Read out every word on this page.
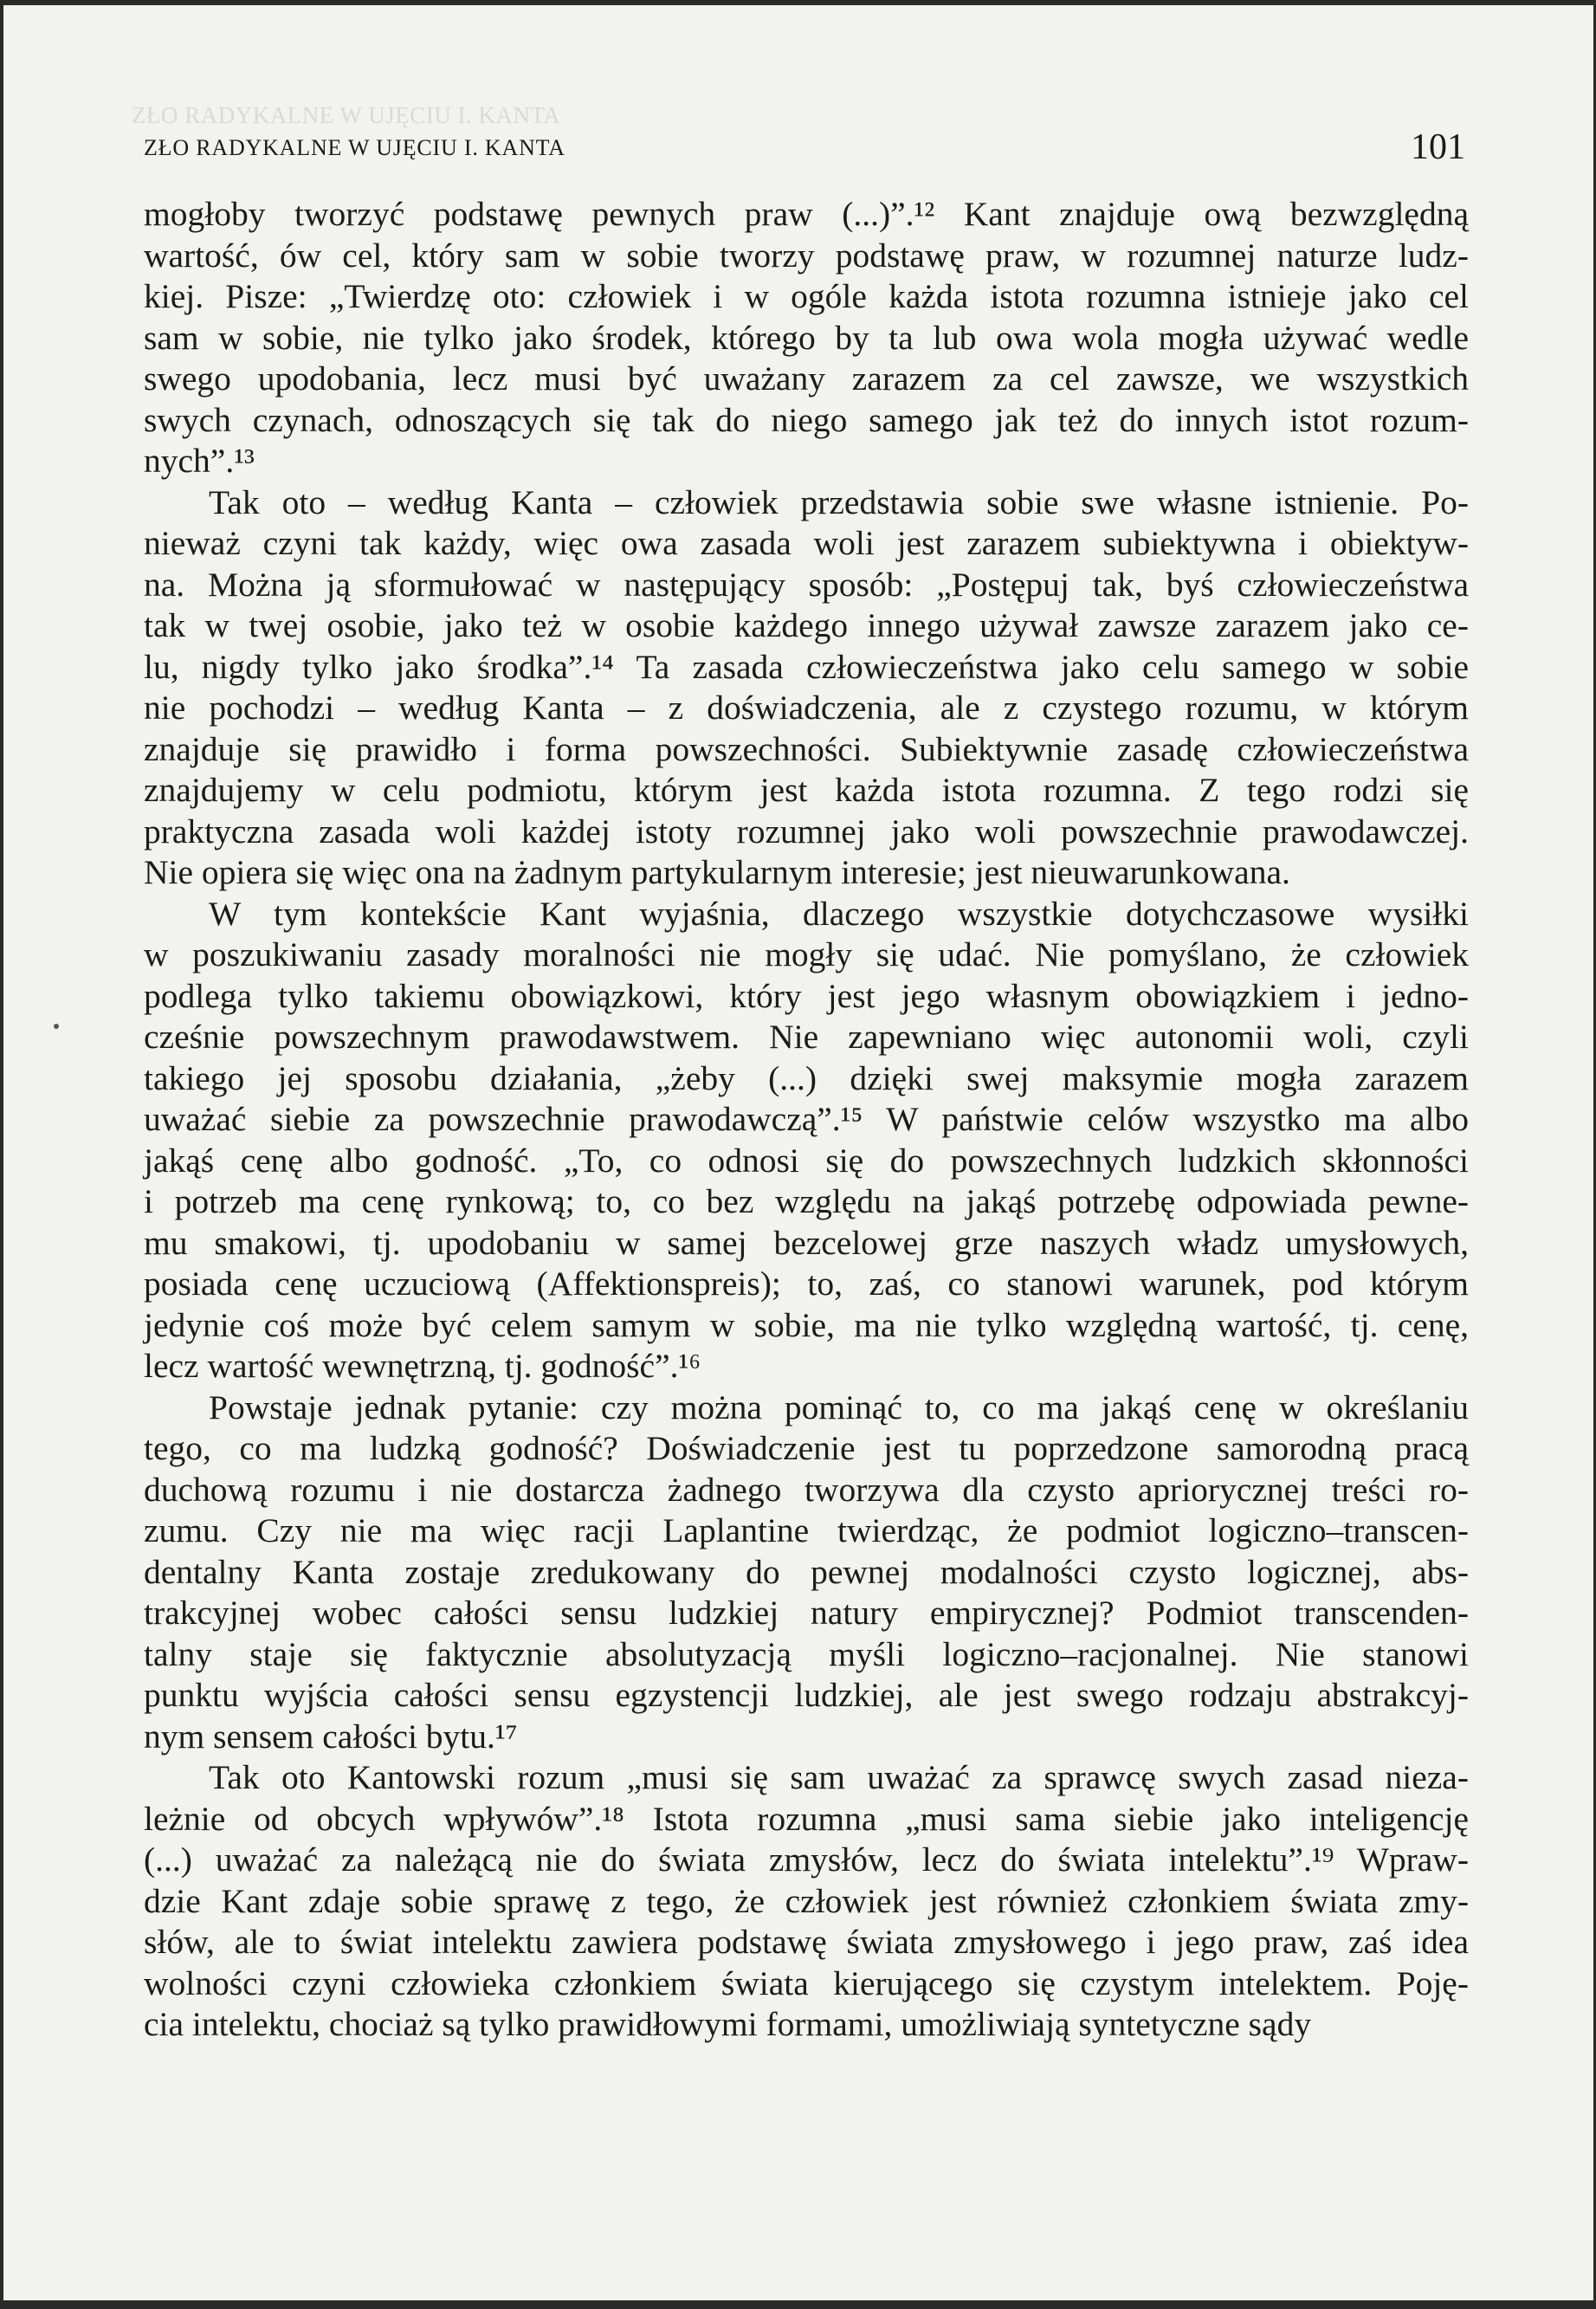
ZŁO RADYKALNE W UJĘCIU I. KANTA
ZŁO RADYKALNE W UJĘCIU I. KANTA	101
mogłoby tworzyć podstawę pewnych praw (...)”.¹² Kant znajduje ową bezwzględną
wartość, ów cel, który sam w sobie tworzy podstawę praw, w rozumnej naturze ludz-
kiej. Pisze: „Twierdzę oto: człowiek i w ogóle każda istota rozumna istnieje jako cel
sam w sobie, nie tylko jako środek, którego by ta lub owa wola mogła używać wedle
swego upodobania, lecz musi być uważany zarazem za cel zawsze, we wszystkich
swych czynach, odnoszących się tak do niego samego jak też do innych istot rozum-
nych”.¹³
Tak oto – według Kanta – człowiek przedstawia sobie swe własne istnienie. Po-
nieważ czyni tak każdy, więc owa zasada woli jest zarazem subiektywna i obiektyw-
na. Można ją sformułować w następujący sposób: „Postępuj tak, byś człowieczeństwa
tak w twej osobie, jako też w osobie każdego innego używał zawsze zarazem jako ce-
lu, nigdy tylko jako środka”.¹⁴ Ta zasada człowieczeństwa jako celu samego w sobie
nie pochodzi – według Kanta – z doświadczenia, ale z czystego rozumu, w którym
znajduje się prawidło i forma powszechności. Subiektywnie zasadę człowieczeństwa
znajdujemy w celu podmiotu, którym jest każda istota rozumna. Z tego rodzi się
praktyczna zasada woli każdej istoty rozumnej jako woli powszechnie prawodawczej.
Nie opiera się więc ona na żadnym partykularnym interesie; jest nieuwarunkowana.
W tym kontekście Kant wyjaśnia, dlaczego wszystkie dotychczasowe wysiłki
w poszukiwaniu zasady moralności nie mogły się udać. Nie pomyślano, że człowiek
podlega tylko takiemu obowiązkowi, który jest jego własnym obowiązkiem i jedno-
cześnie powszechnym prawodawstwem. Nie zapewniano więc autonomii woli, czyli
takiego jej sposobu działania, „żeby (...) dzięki swej maksymie mogła zarazem
uważać siebie za powszechnie prawodawczą”.¹⁵ W państwie celów wszystko ma albo
jakąś cenę albo godność. „To, co odnosi się do powszechnych ludzkich skłonności
i potrzeb ma cenę rynkową; to, co bez względu na jakąś potrzebę odpowiada pewne-
mu smakowi, tj. upodobaniu w samej bezcelowej grze naszych władz umysłowych,
posiada cenę uczuciową (Affektionspreis); to, zaś, co stanowi warunek, pod którym
jedynie coś może być celem samym w sobie, ma nie tylko względną wartość, tj. cenę,
lecz wartość wewnętrzną, tj. godność”.¹⁶
Powstaje jednak pytanie: czy można pominąć to, co ma jakąś cenę w określaniu
tego, co ma ludzką godność? Doświadczenie jest tu poprzedzone samorodną pracą
duchową rozumu i nie dostarcza żadnego tworzywa dla czysto apriorycznej treści ro-
zumu. Czy nie ma więc racji Laplantine twierdząc, że podmiot logiczno–transcen-
dentalny Kanta zostaje zredukowany do pewnej modalności czysto logicznej, abs-
trakcyjnej wobec całości sensu ludzkiej natury empirycznej? Podmiot transcenden-
talny staje się faktycznie absolutyzacją myśli logiczno–racjonalnej. Nie stanowi
punktu wyjścia całości sensu egzystencji ludzkiej, ale jest swego rodzaju abstrakcyj-
nym sensem całości bytu.¹⁷
Tak oto Kantowski rozum „musi się sam uważać za sprawcę swych zasad nieza-
leżnie od obcych wpływów”.¹⁸ Istota rozumna „musi sama siebie jako inteligencję
(...) uważać za należącą nie do świata zmysłów, lecz do świata intelektu”.¹⁹ Wpraw-
dzie Kant zdaje sobie sprawę z tego, że człowiek jest również członkiem świata zmy-
słów, ale to świat intelektu zawiera podstawę świata zmysłowego i jego praw, zaś idea
wolności czyni człowieka członkiem świata kierującego się czystym intelektem. Poję-
cia intelektu, chociaż są tylko prawidłowymi formami, umożliwiają syntetyczne sądy
